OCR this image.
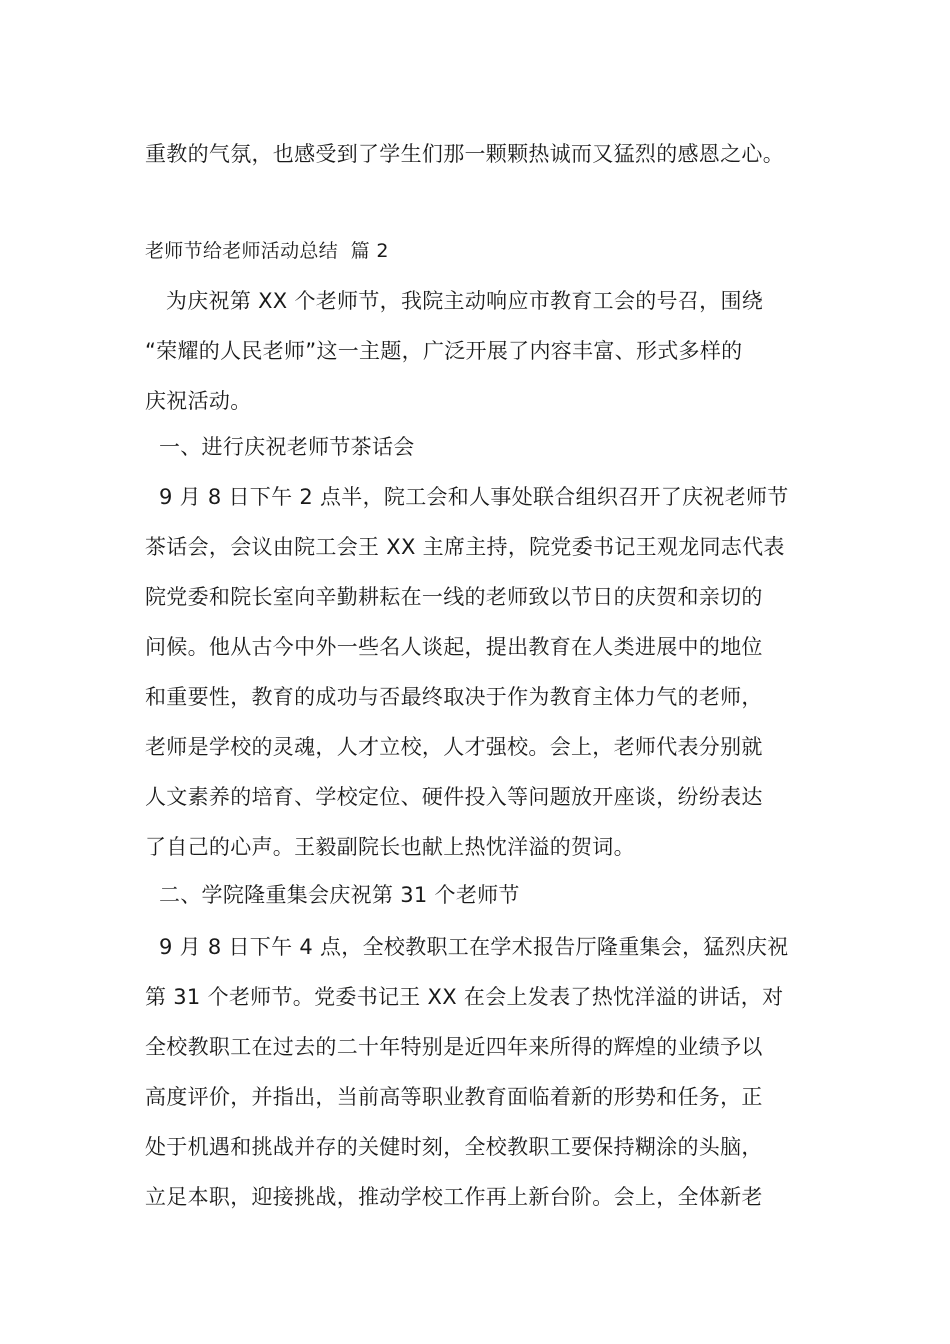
重教的气氛，也感受到了学生们那一颗颗热诚而又猛烈的感恩之心。
老师节给老师活动总结  篇 2
为庆祝第 XX 个老师节，我院主动响应市教育工会的号召，围绕
“荣耀的人民老师”这一主题，广泛开展了内容丰富、形式多样的
庆祝活动。
一、进行庆祝老师节茶话会
9 月 8 日下午 2 点半，院工会和人事处联合组织召开了庆祝老师节
茶话会，会议由院工会王 XX 主席主持，院党委书记王观龙同志代表
院党委和院长室向辛勤耕耘在一线的老师致以节日的庆贺和亲切的
问候。他从古今中外一些名人谈起，提出教育在人类进展中的地位
和重要性，教育的成功与否最终取决于作为教育主体力气的老师，
老师是学校的灵魂，人才立校，人才强校。会上，老师代表分别就
人文素养的培育、学校定位、硬件投入等问题放开座谈，纷纷表达
了自己的心声。王毅副院长也献上热忱洋溢的贺词。
二、学院隆重集会庆祝第 31 个老师节
9 月 8 日下午 4 点，全校教职工在学术报告厅隆重集会，猛烈庆祝
第 31 个老师节。党委书记王 XX 在会上发表了热忱洋溢的讲话，对
全校教职工在过去的二十年特别是近四年来所得的辉煌的业绩予以
高度评价，并指出，当前高等职业教育面临着新的形势和任务，正
处于机遇和挑战并存的关健时刻，全校教职工要保持糊涂的头脑，
立足本职，迎接挑战，推动学校工作再上新台阶。会上，全体新老
